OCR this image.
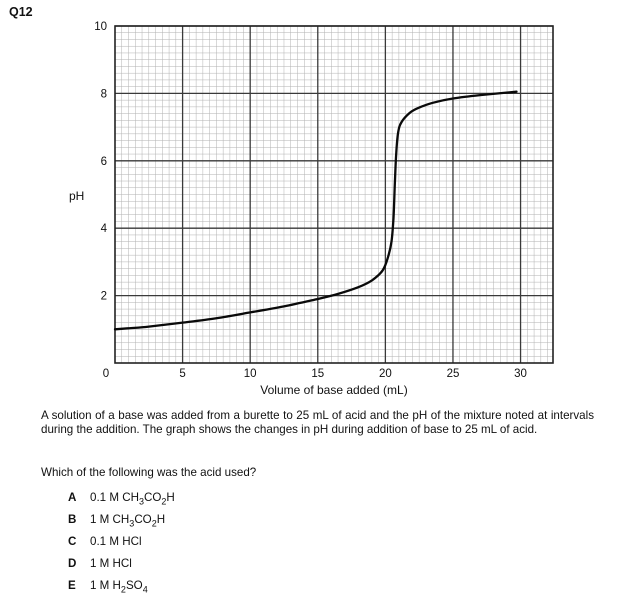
Q12
5	10	15	20	25	30
2
4
6
8
10
0
pH
Volume of base added (mL)
A solution of a base was added from a burette to 25 mL of acid and the pH of the mixture noted at intervals during the addition. The graph shows the changes in pH during addition of base to 25 mL of acid.
Which of the following was the acid used?
A	0.1 M $CH_3CO_2H$
B	1 M $CH_3CO_2H$
C	0.1 M HCl
D	1 M HCl
E	1 M $H_2SO_4$
